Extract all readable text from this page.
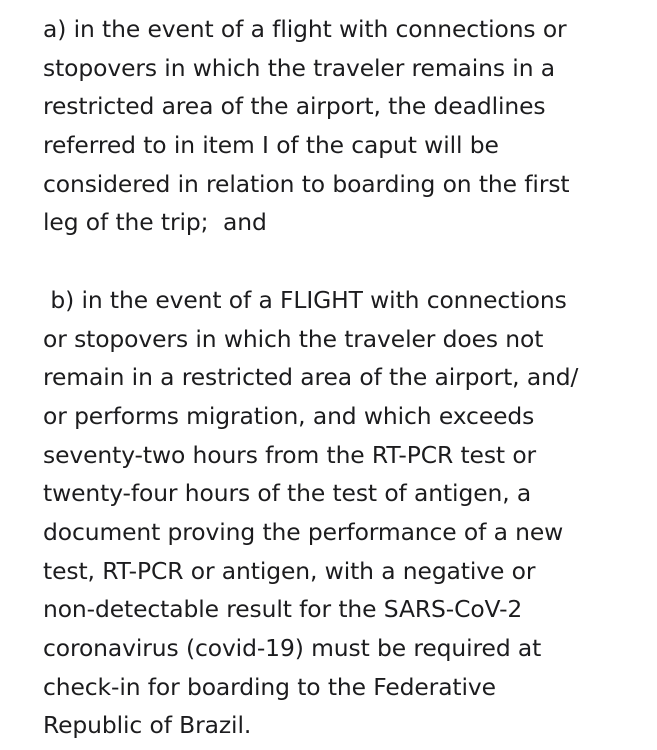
a) in the event of a flight with connections or
stopovers in which the traveler remains in a
restricted area of the airport, the deadlines
referred to in item I of the caput will be
considered in relation to boarding on the first
leg of the trip;  and
b) in the event of a FLIGHT with connections
or stopovers in which the traveler does not
remain in a restricted area of the airport, and/
or performs migration, and which exceeds
seventy-two hours from the RT-PCR test or
twenty-four hours of the test of antigen, a
document proving the performance of a new
test, RT-PCR or antigen, with a negative or
non-detectable result for the SARS-CoV-2
coronavirus (covid-19) must be required at
check-in for boarding to the Federative
Republic of Brazil.
